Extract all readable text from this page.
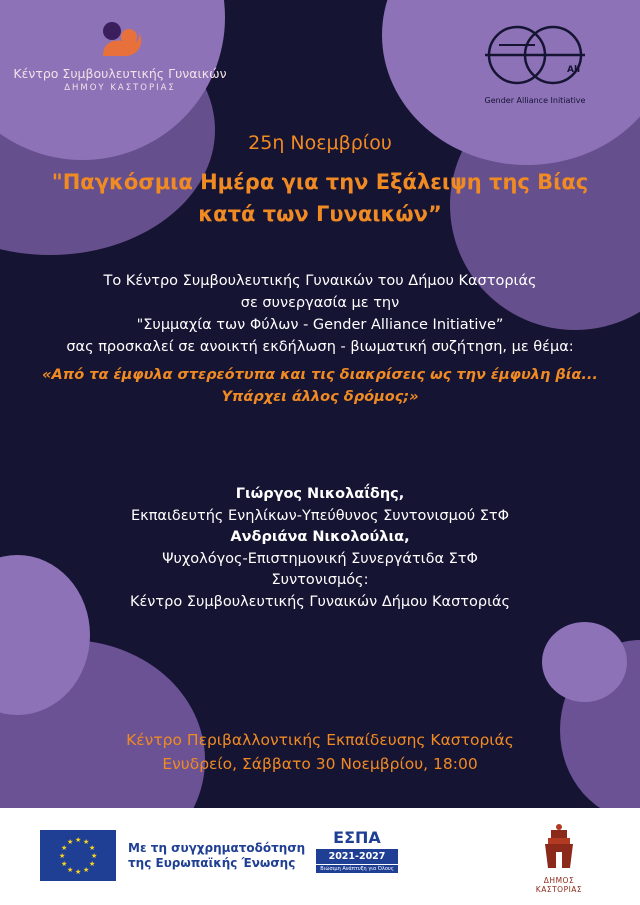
Κέντρο Συμβουλευτικής Γυναικών
ΔΗΜΟΥ ΚΑΣΤΟΡΙΑΣ
All
Gender Alliance Initiative
25η Νοεμβρίου
"Παγκόσμια Ημέρα για την Εξάλειψη της Βίας
κατά των Γυναικών”
Το Κέντρο Συμβουλευτικής Γυναικών του Δήμου Καστοριάς
σε συνεργασία με την
"Συμμαχία των Φύλων - Gender Alliance Initiative”
σας προσκαλεί σε ανοικτή εκδήλωση - βιωματική συζήτηση, με θέμα:
«Από τα έμφυλα στερεότυπα και τις διακρίσεις ως την έμφυλη βία...
Υπάρχει άλλος δρόμος;»
Γιώργος Νικολαΐδης,
Εκπαιδευτής Ενηλίκων-Υπεύθυνος Συντονισμού ΣτΦ
Ανδριάνα Νικολούλια,
Ψυχολόγος-Επιστημονική Συνεργάτιδα ΣτΦ
Συντονισμός:
Κέντρο Συμβουλευτικής Γυναικών Δήμου Καστοριάς
Κέντρο Περιβαλλοντικής Εκπαίδευσης Καστοριάς
Ενυδρείο, Σάββατο 30 Νοεμβρίου, 18:00
★ ★
★
★
★
★
★
★
★
★
★
★	Με τη συγχρηματοδότηση
της Ευρωπαϊκής Ένωσης
ΕΣΠΑ
2021-2027
Βιώσιμη Ανάπτυξη για Όλους
ΔΗΜΟΣ
ΚΑΣΤΟΡΙΑΣ
